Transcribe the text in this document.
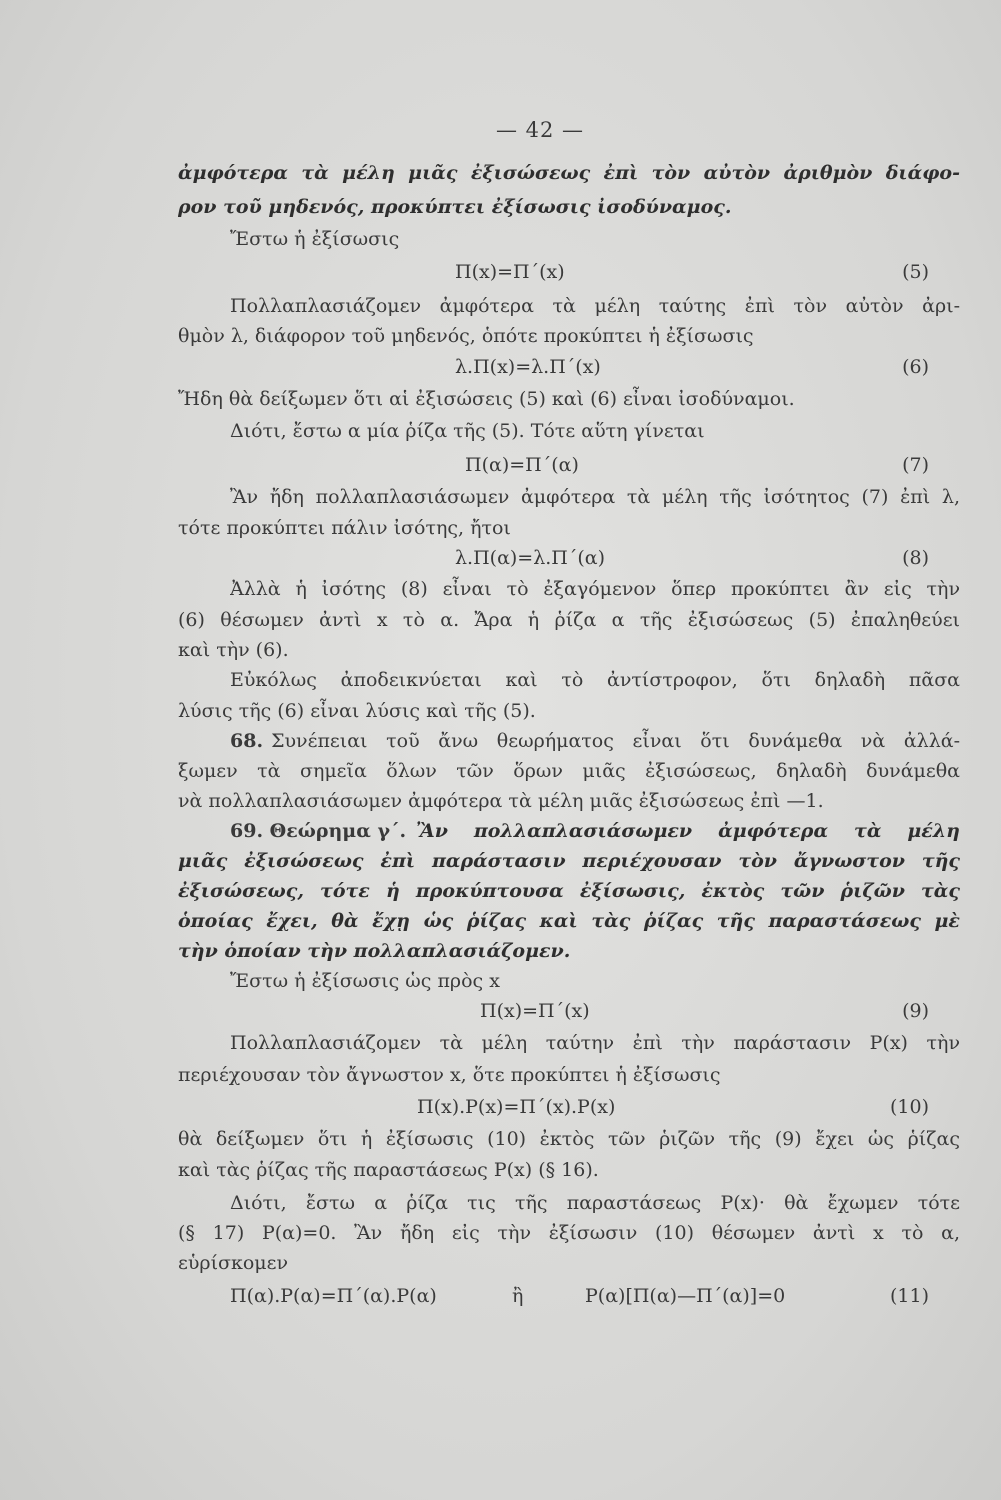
— 42 —
ἀμφότερα τὰ μέλη μιᾶς ἐξισώσεως ἐπὶ τὸν αὐτὸν ἀριθμὸν διάφο-
ρον τοῦ μηδενός, προκύπτει ἐξίσωσις ἰσοδύναμος.
Ἔστω ἡ ἐξίσωσις
Π(x)=Π΄(x)	(5)
Πολλαπλασιάζομεν ἀμφότερα τὰ μέλη ταύτης ἐπὶ τὸν αὐτὸν ἀρι-
θμὸν λ, διάφορον τοῦ μηδενός, ὁπότε προκύπτει ἡ ἐξίσωσις
λ.Π(x)=λ.Π΄(x)	(6)
Ἤδη θὰ δείξωμεν ὅτι αἱ ἐξισώσεις (5) καὶ (6) εἶναι ἰσοδύναμοι.
Διότι, ἔστω α μία ῥίζα τῆς (5). Τότε αὕτη γίνεται
Π(α)=Π΄(α)	(7)
Ἂν ἤδη πολλαπλασιάσωμεν ἀμφότερα τὰ μέλη τῆς ἰσότητος (7) ἐπὶ λ,
τότε προκύπτει πάλιν ἰσότης, ἤτοι
λ.Π(α)=λ.Π΄(α)	(8)
Ἀλλὰ ἡ ἰσότης (8) εἶναι τὸ ἐξαγόμενον ὅπερ προκύπτει ἂν εἰς τὴν
(6) θέσωμεν ἀντὶ x τὸ α. Ἄρα ἡ ῥίζα α τῆς ἐξισώσεως (5) ἐπαληθεύει
καὶ τὴν (6).
Εὐκόλως ἀποδεικνύεται καὶ τὸ ἀντίστροφον, ὅτι δηλαδὴ πᾶσα
λύσις τῆς (6) εἶναι λύσις καὶ τῆς (5).
68. Συνέπειαι τοῦ ἄνω θεωρήματος εἶναι ὅτι δυνάμεθα νὰ ἀλλά-
ξωμεν τὰ σημεῖα ὅλων τῶν ὅρων μιᾶς ἐξισώσεως, δηλαδὴ δυνάμεθα
νὰ πολλαπλασιάσωμεν ἀμφότερα τὰ μέλη μιᾶς ἐξισώσεως ἐπὶ —1.
69. Θεώρημα γ΄. Ἂν πολλαπλασιάσωμεν ἀμφότερα τὰ μέλη
μιᾶς ἐξισώσεως ἐπὶ παράστασιν περιέχουσαν τὸν ἄγνωστον τῆς
ἐξισώσεως, τότε ἡ προκύπτουσα ἐξίσωσις, ἐκτὸς τῶν ῥιζῶν τὰς
ὁποίας ἔχει, θὰ ἔχῃ ὡς ῥίζας καὶ τὰς ῥίζας τῆς παραστάσεως μὲ
τὴν ὁποίαν τὴν πολλαπλασιάζομεν.
Ἔστω ἡ ἐξίσωσις ὡς πρὸς x
Π(x)=Π΄(x)	(9)
Πολλαπλασιάζομεν τὰ μέλη ταύτην ἐπὶ τὴν παράστασιν P(x) τὴν
περιέχουσαν τὸν ἄγνωστον x, ὅτε προκύπτει ἡ ἐξίσωσις
Π(x).P(x)=Π΄(x).P(x)	(10)
θὰ δείξωμεν ὅτι ἡ ἐξίσωσις (10) ἐκτὸς τῶν ῥιζῶν τῆς (9) ἔχει ὡς ῥίζας
καὶ τὰς ῥίζας τῆς παραστάσεως P(x) (§ 16).
Διότι, ἔστω α ῥίζα τις τῆς παραστάσεως P(x)· θὰ ἔχωμεν τότε
(§ 17) P(α)=0. Ἂν ἤδη εἰς τὴν ἐξίσωσιν (10) θέσωμεν ἀντὶ x τὸ α,
εὑρίσκομεν
Π(α).P(α)=Π΄(α).P(α)	ἢ	P(α)[Π(α)—Π΄(α)]=0	(11)
